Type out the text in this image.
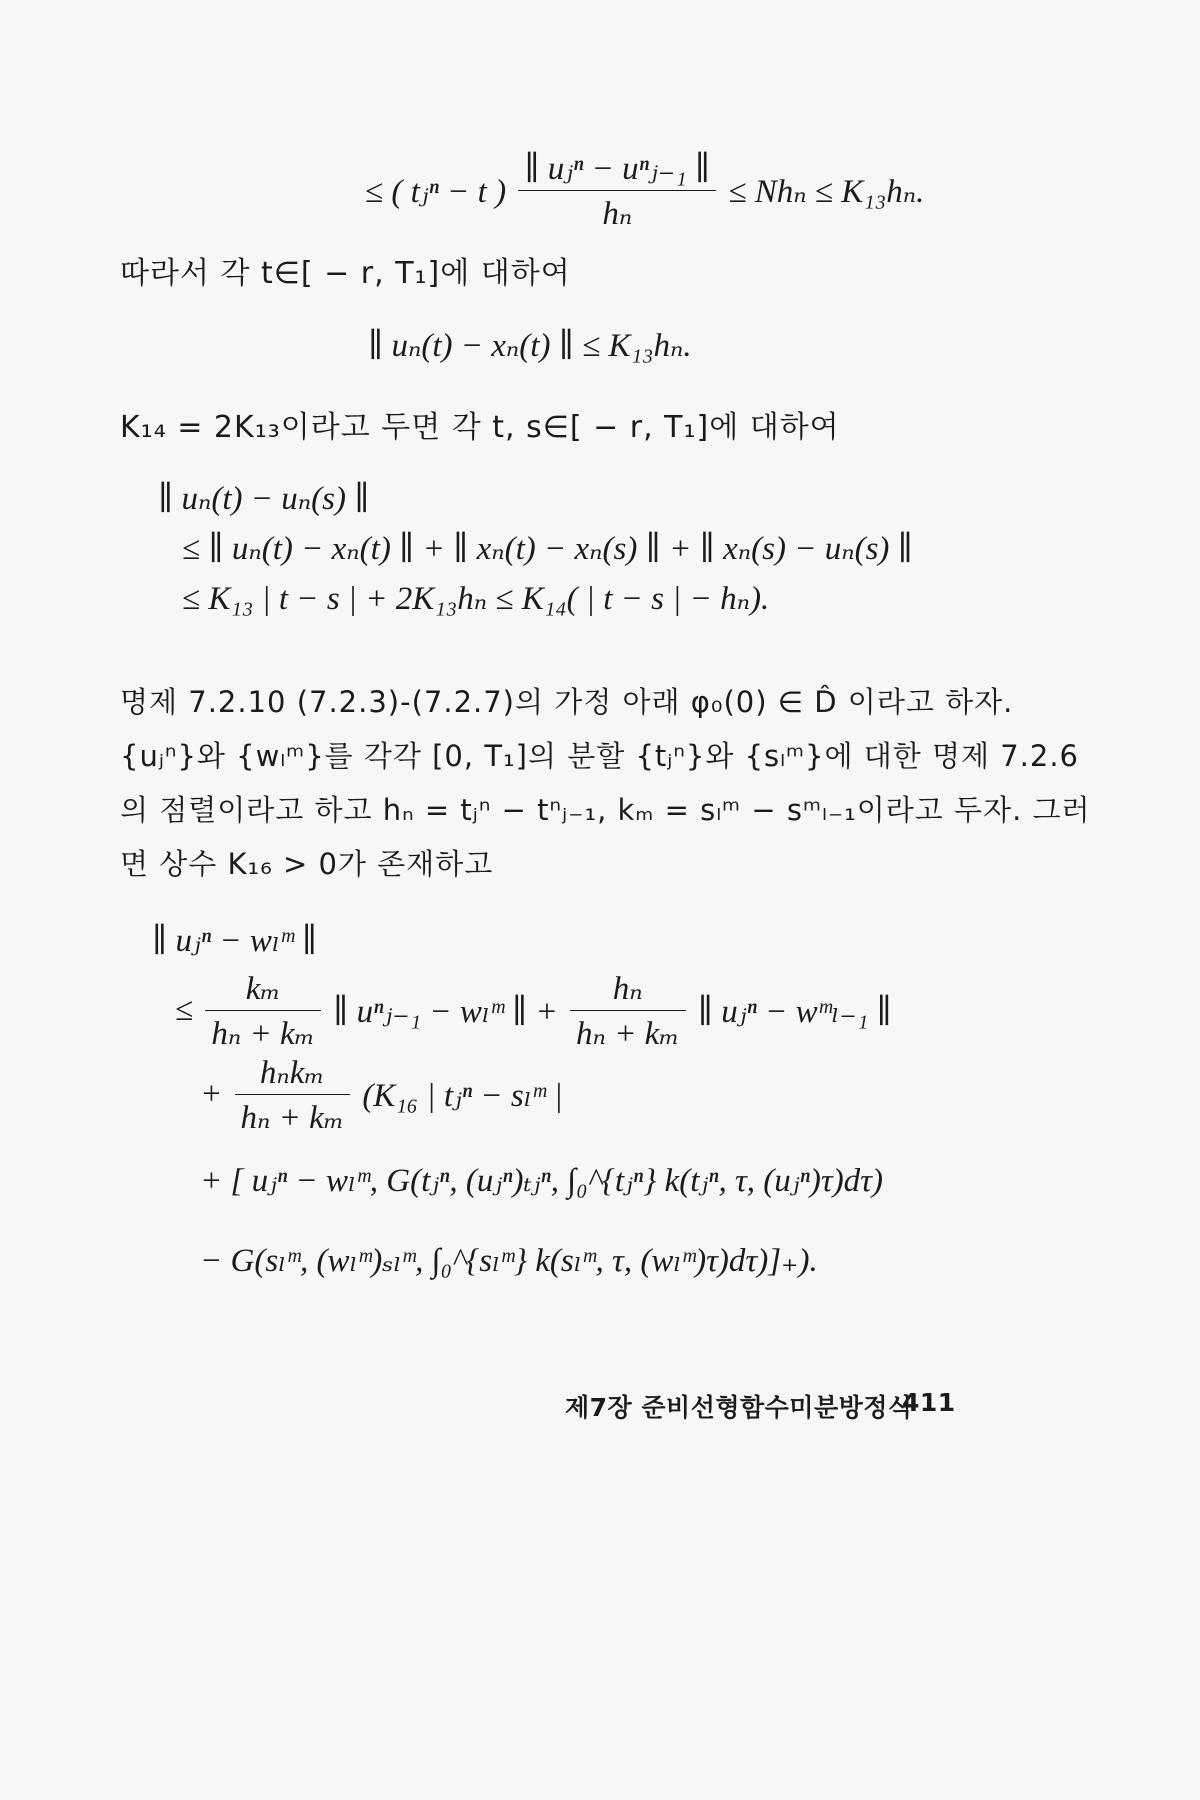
≤ ( tⱼⁿ − t ) $\frac{\text{∥ uⱼⁿ − uⁿⱼ₋₁ ∥}}{\text{hₙ}} \le Nh_n \le K_{13}h_n$.
따라서 각 t∈[ − r, T₁]에 대하여
∥ uₙ(t) − xₙ(t) ∥ ≤ K₁₃hₙ.
K₁₄ = 2K₁₃이라고 두면 각 t, s∈[ − r, T₁]에 대하여
∥ uₙ(t) − uₙ(s) ∥
≤ ∥ uₙ(t) − xₙ(t) ∥ + ∥ xₙ(t) − xₙ(s) ∥ + ∥ xₙ(s) − uₙ(s) ∥
≤ K₁₃ | t − s | + 2K₁₃hₙ ≤ K₁₄( | t − s | − hₙ).
명제 7.2.10 (7.2.3)-(7.2.7)의 가정 아래 φ₀(0) ∈ D̂ 이라고 하자.
{uⱼⁿ}와 {wₗᵐ}를 각각 [0, T₁]의 분할 {tⱼⁿ}와 {sₗᵐ}에 대한 명제 7.2.6
의 점렬이라고 하고 hₙ = tⱼⁿ − tⁿⱼ₋₁, kₘ = sₗᵐ − sᵐₗ₋₁이라고 두자. 그러
면 상수 K₁₆ > 0가 존재하고
∥ uⱼⁿ − wₗᵐ ∥
≤ $\frac{\text{kₘ}}{\text{hₙ + kₘ}}$ ∥ uⁿⱼ₋₁ − wₗᵐ ∥ + $\frac{\text{hₙ}}{\text{hₙ + kₘ}}$ ∥ uⱼⁿ − wᵐₗ₋₁ ∥
+ $\frac{\text{hₙkₘ}}{\text{hₙ + kₘ}} (K_{16}$ | tⱼⁿ − sₗᵐ |
+ [ uⱼⁿ − wₗᵐ, G(tⱼⁿ, (uⱼⁿ)ₜⱼⁿ, ∫₀^{tⱼⁿ} k(tⱼⁿ, τ, (uⱼⁿ)τ)dτ)
− G(sₗᵐ, (wₗᵐ)ₛₗᵐ, ∫₀^{sₗᵐ} k(sₗᵐ, τ, (wₗᵐ)τ)dτ)]₊).
제7장 준비선형함수미분방정식
411
